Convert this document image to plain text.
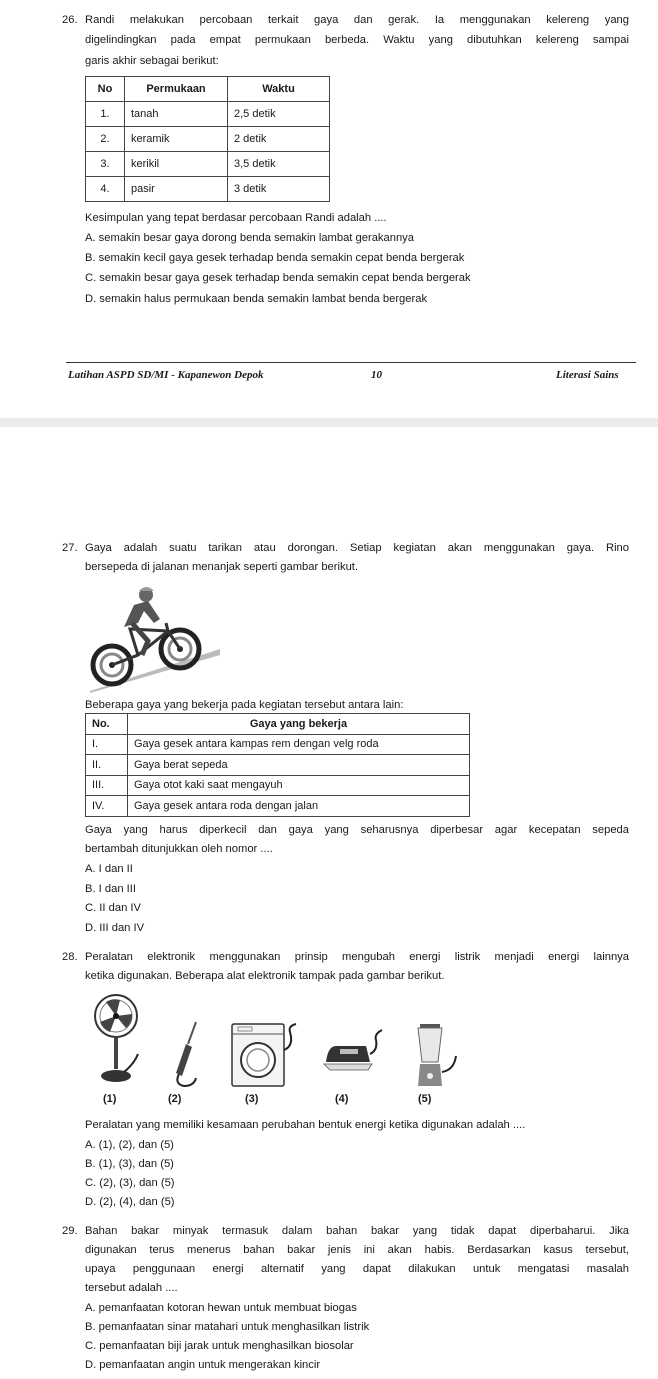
26. Randi melakukan percobaan terkait gaya dan gerak. Ia menggunakan kelereng yang
digelindingkan pada empat permukaan berbeda. Waktu yang dibutuhkan kelereng sampai
garis akhir sebagai berikut:
No	Permukaan	Waktu
1.	tanah	2,5 detik
2.	keramik	2 detik
3.	kerikil	3,5 detik
4.	pasir	3 detik
Kesimpulan yang tepat berdasar percobaan Randi adalah ....
A. semakin besar gaya dorong benda semakin lambat gerakannya
B. semakin kecil gaya gesek terhadap benda semakin cepat benda bergerak
C. semakin besar gaya gesek terhadap benda semakin cepat benda bergerak
D. semakin halus permukaan benda semakin lambat benda bergerak
Latihan ASPD SD/MI - Kapanewon Depok	10	Literasi Sains
27. Gaya adalah suatu tarikan atau dorongan. Setiap kegiatan akan menggunakan gaya. Rino
bersepeda di jalanan menanjak seperti gambar berikut.
Beberapa gaya yang bekerja pada kegiatan tersebut antara lain:
No.	Gaya yang bekerja
I.	Gaya gesek antara kampas rem dengan velg roda
II.	Gaya berat sepeda
III.	Gaya otot kaki saat mengayuh
IV.	Gaya gesek antara roda dengan jalan
Gaya yang harus diperkecil dan gaya yang seharusnya diperbesar agar kecepatan sepeda
bertambah ditunjukkan oleh nomor ....
A. I dan II
B. I dan III
C. II dan IV
D. III dan IV
28. Peralatan elektronik menggunakan prinsip mengubah energi listrik menjadi energi lainnya
ketika digunakan. Beberapa alat elektronik tampak pada gambar berikut.
(1)	(2)	(3)	(4)	(5)
Peralatan yang memiliki kesamaan perubahan bentuk energi ketika digunakan adalah ....
A. (1), (2), dan (5)
B. (1), (3), dan (5)
C. (2), (3), dan (5)
D. (2), (4), dan (5)
29. Bahan bakar minyak termasuk dalam bahan bakar yang tidak dapat diperbaharui. Jika
digunakan terus menerus bahan bakar jenis ini akan habis. Berdasarkan kasus tersebut,
upaya penggunaan energi alternatif yang dapat dilakukan untuk mengatasi masalah
tersebut adalah ....
A. pemanfaatan kotoran hewan untuk membuat biogas
B. pemanfaatan sinar matahari untuk menghasilkan listrik
C. pemanfaatan biji jarak untuk menghasilkan biosolar
D. pemanfaatan angin untuk mengerakan kincir
